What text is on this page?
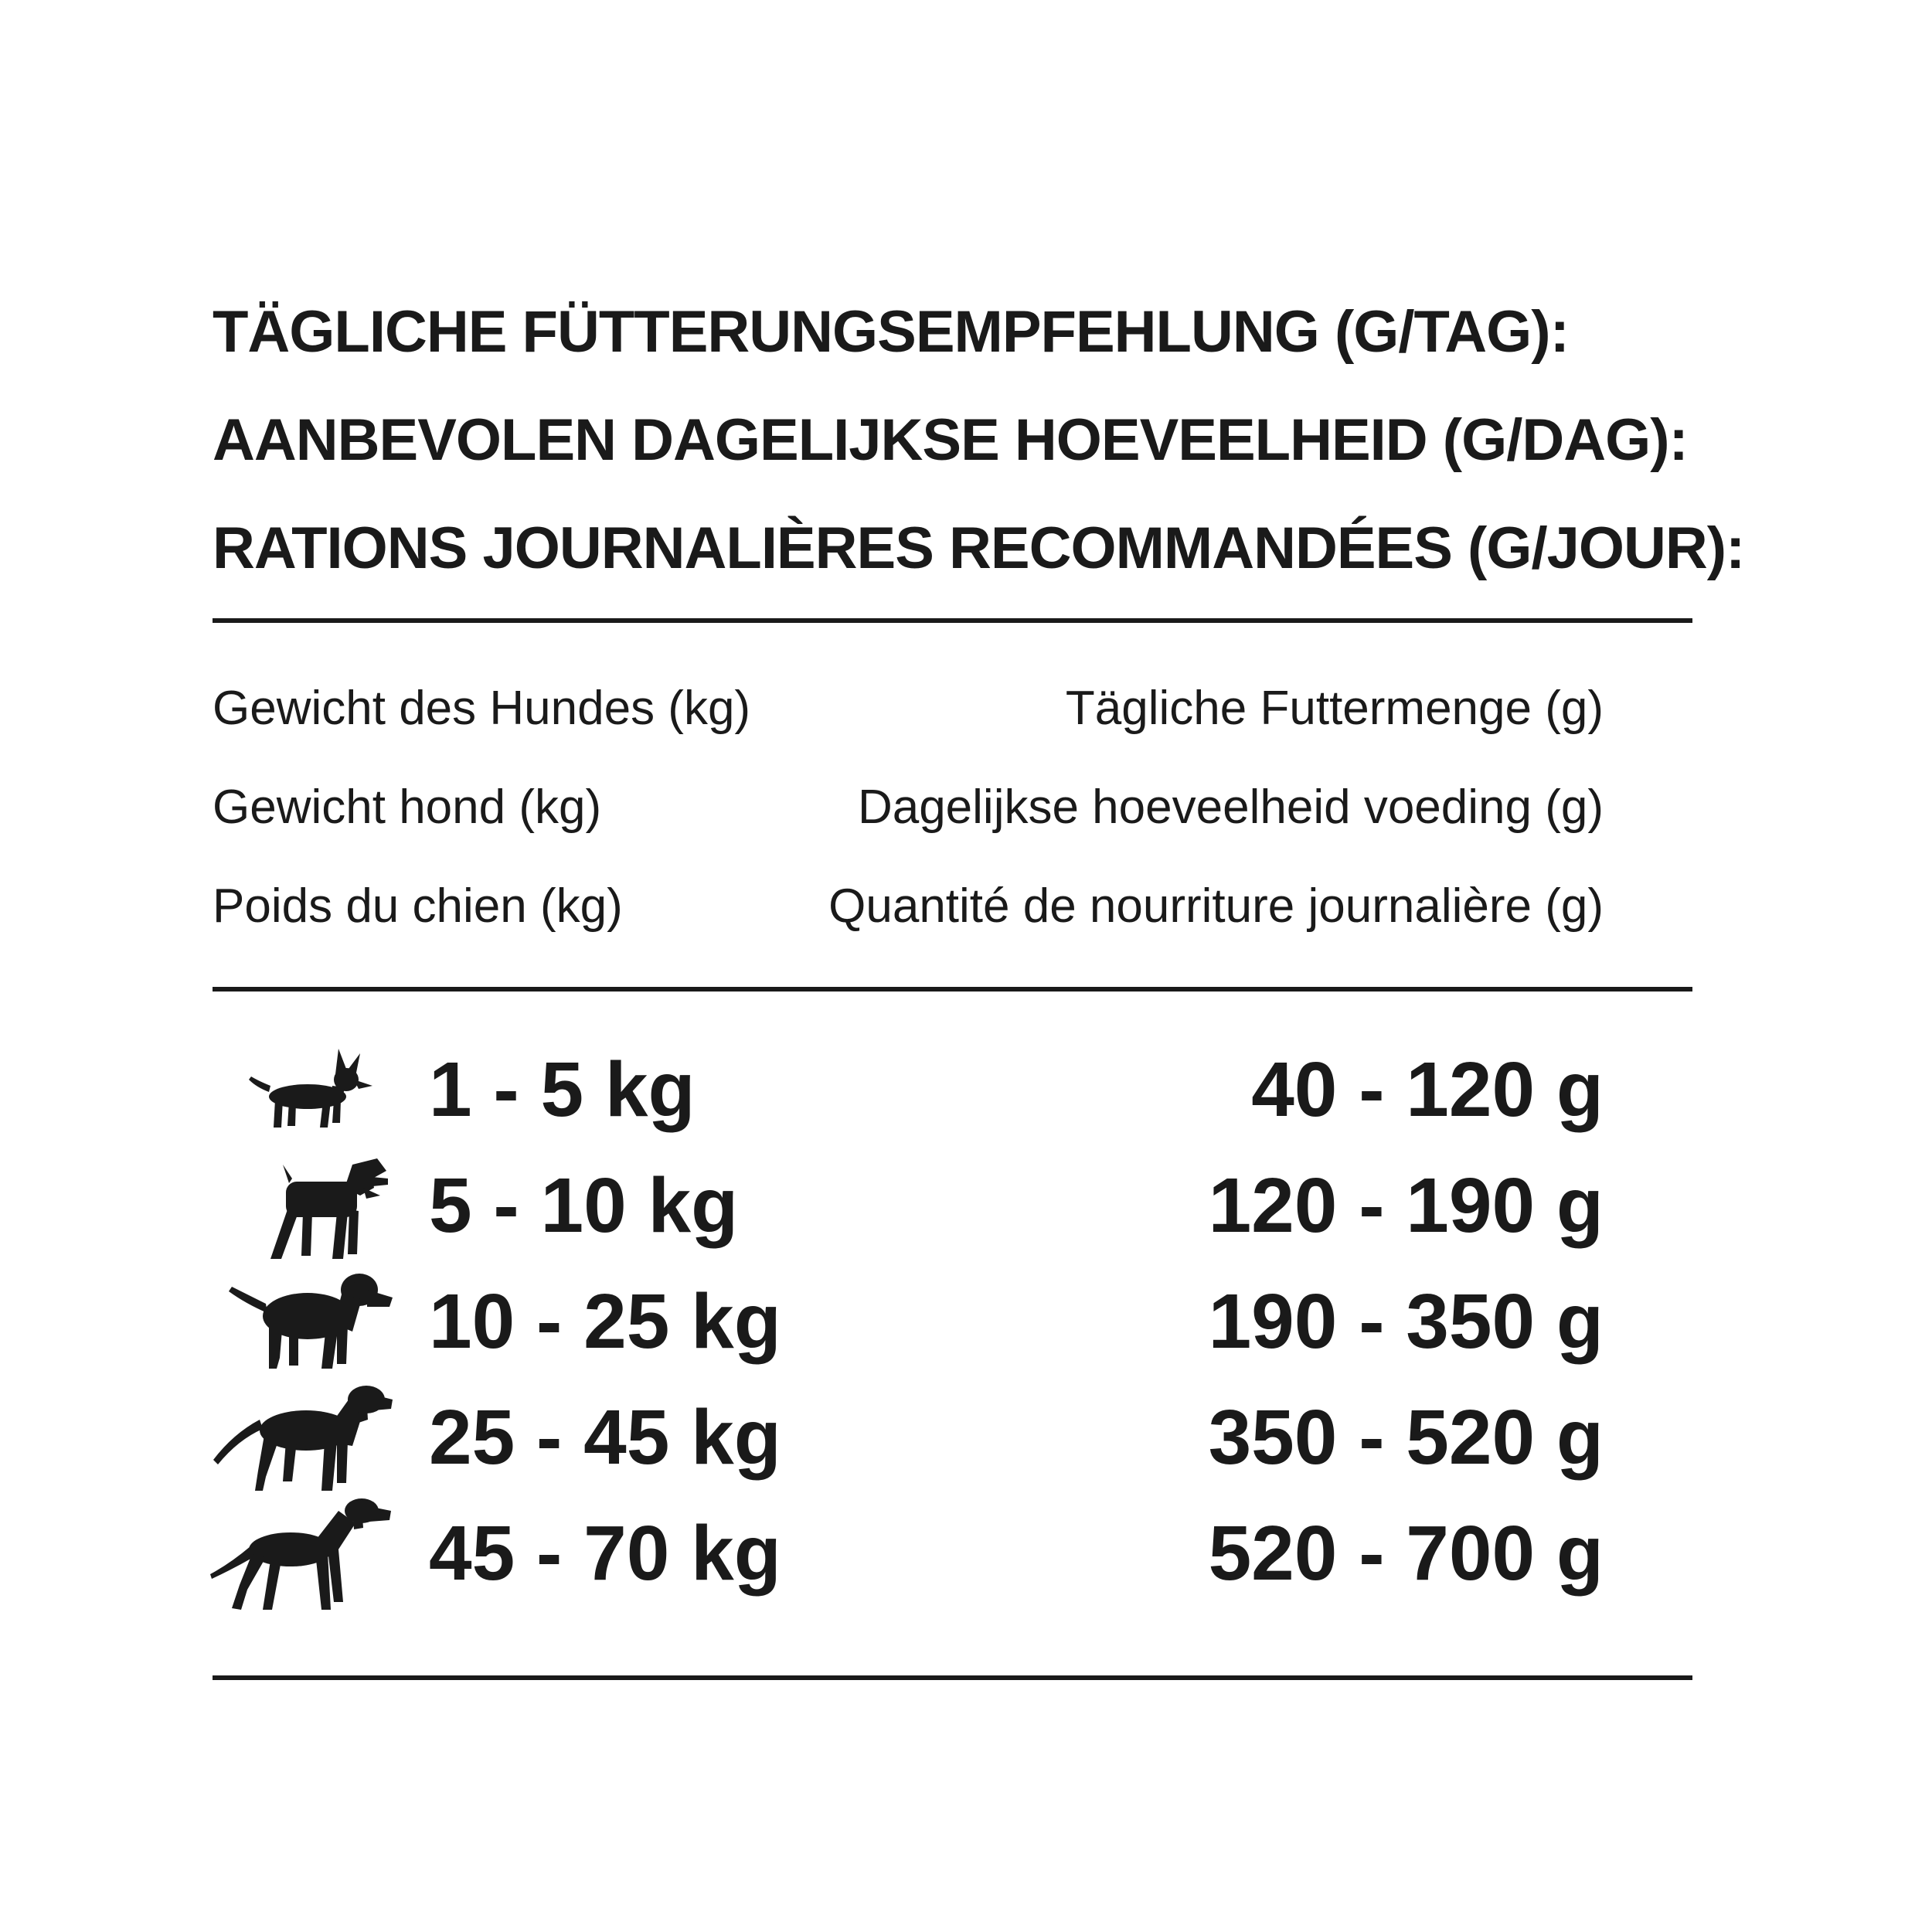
TÄGLICHE FÜTTERUNGSEMPFEHLUNG (G/TAG):
AANBEVOLEN DAGELIJKSE HOEVEELHEID (G/DAG):
RATIONS JOURNALIÈRES RECOMMANDÉES (G/JOUR):
Gewicht des Hundes (kg)	Tägliche Futtermenge (g)
Gewicht hond (kg)	Dagelijkse hoeveelheid voeding (g)
Poids du chien (kg)	Quantité de nourriture journalière (g)
1 - 5 kg	40 - 120 g
5 - 10 kg	120 - 190 g
10 - 25 kg	190 - 350 g
25 - 45 kg	350 - 520 g
45 - 70 kg	520 - 700 g
